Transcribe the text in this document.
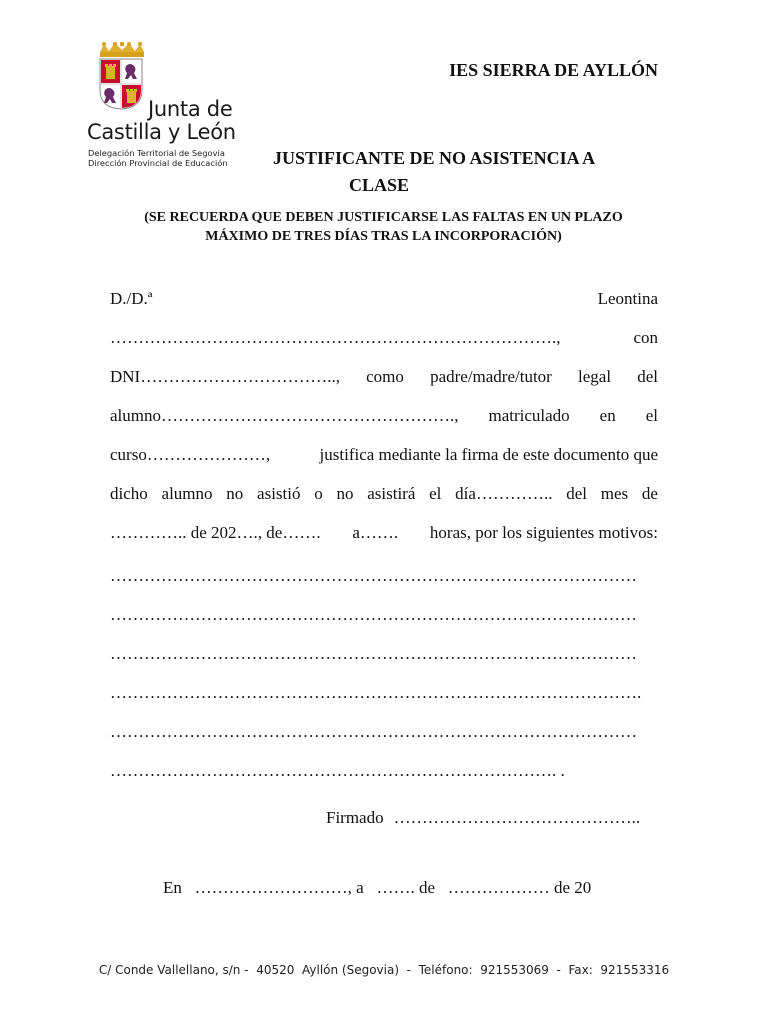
Junta de
Castilla y León
Delegación Territorial de Segovia
Dirección Provincial de Educación
IES SIERRA DE AYLLÓN
JUSTIFICANTE DE NO ASISTENCIA A
CLASE
(SE RECUERDA QUE DEBEN JUSTIFICARSE LAS FALTAS EN UN PLAZO
MÁXIMO DE TRES DÍAS TRAS LA INCORPORACIÓN)
D./D.ª	Leontina
…………………………………………………………………….,	con
DNI…………………………….., como padre/madre/tutor legal del
alumno……………………………………………., matriculado en el
curso…………………,	justifica mediante la firma de este documento que
dicho alumno no asistió o no asistirá el día………….. del mes de
………….. de 202…., de……. a……. horas, por los siguientes motivos:
…………………………………………………………………………………
…………………………………………………………………………………
…………………………………………………………………………………
………………………………………………………………………………….
…………………………………………………………………………………
……………………………………………………………………. .
Firmado ……………………………………..
En ………………………, a ……. de ……………… de 20
C/ Conde Vallellano, s/n -  40520  Ayllón (Segovia)  -  Teléfono:  921553069  -  Fax:  921553316
